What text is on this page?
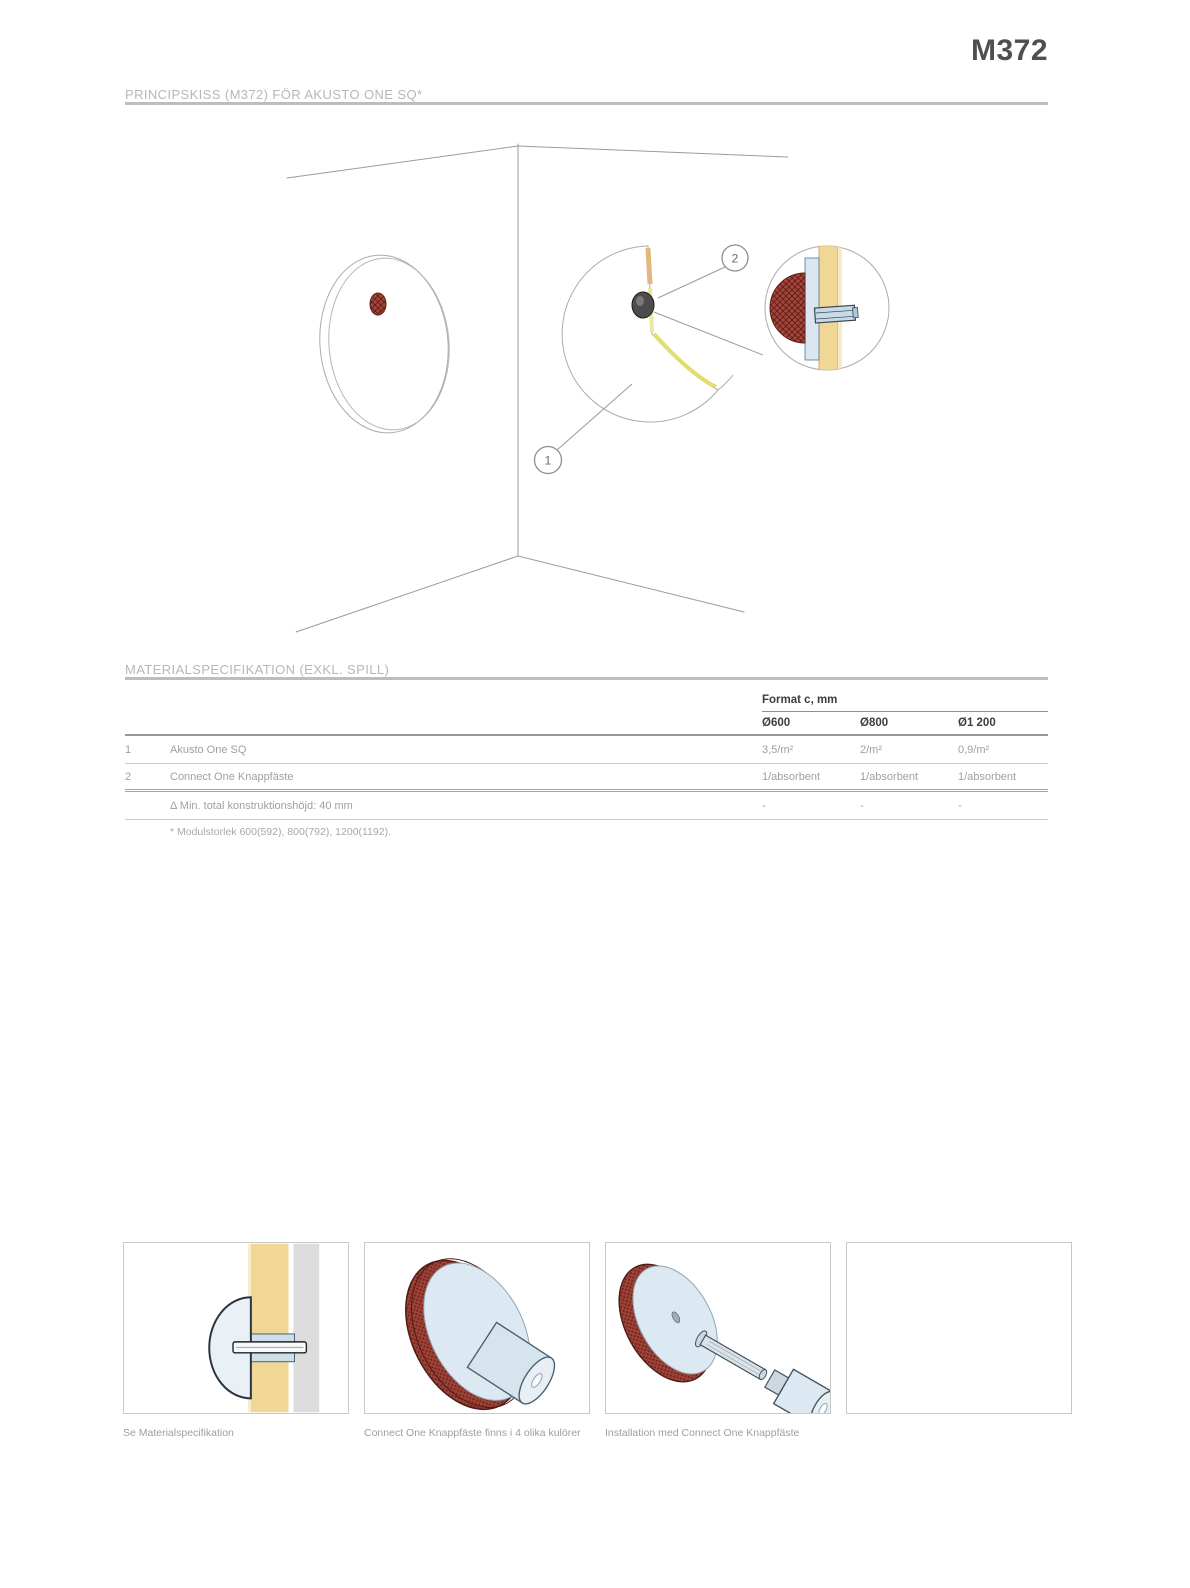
M372
PRINCIPSKISS (M372) FÖR AKUSTO ONE SQ*
2
1
MATERIALSPECIFIKATION (EXKL. SPILL)
Format c, mm
Ø600	Ø800	Ø1 200
1	Akusto One SQ	3,5/m²	2/m²	0,9/m²
2	Connect One Knappfäste	1/absorbent	1/absorbent	1/absorbent
Δ Min. total konstruktionshöjd: 40 mm	-	-	-
* Modulstorlek 600(592), 800(792), 1200(1192).
Se Materialspecifikation	Connect One Knappfäste finns i 4 olika kulörer	Installation med Connect One Knappfäste
